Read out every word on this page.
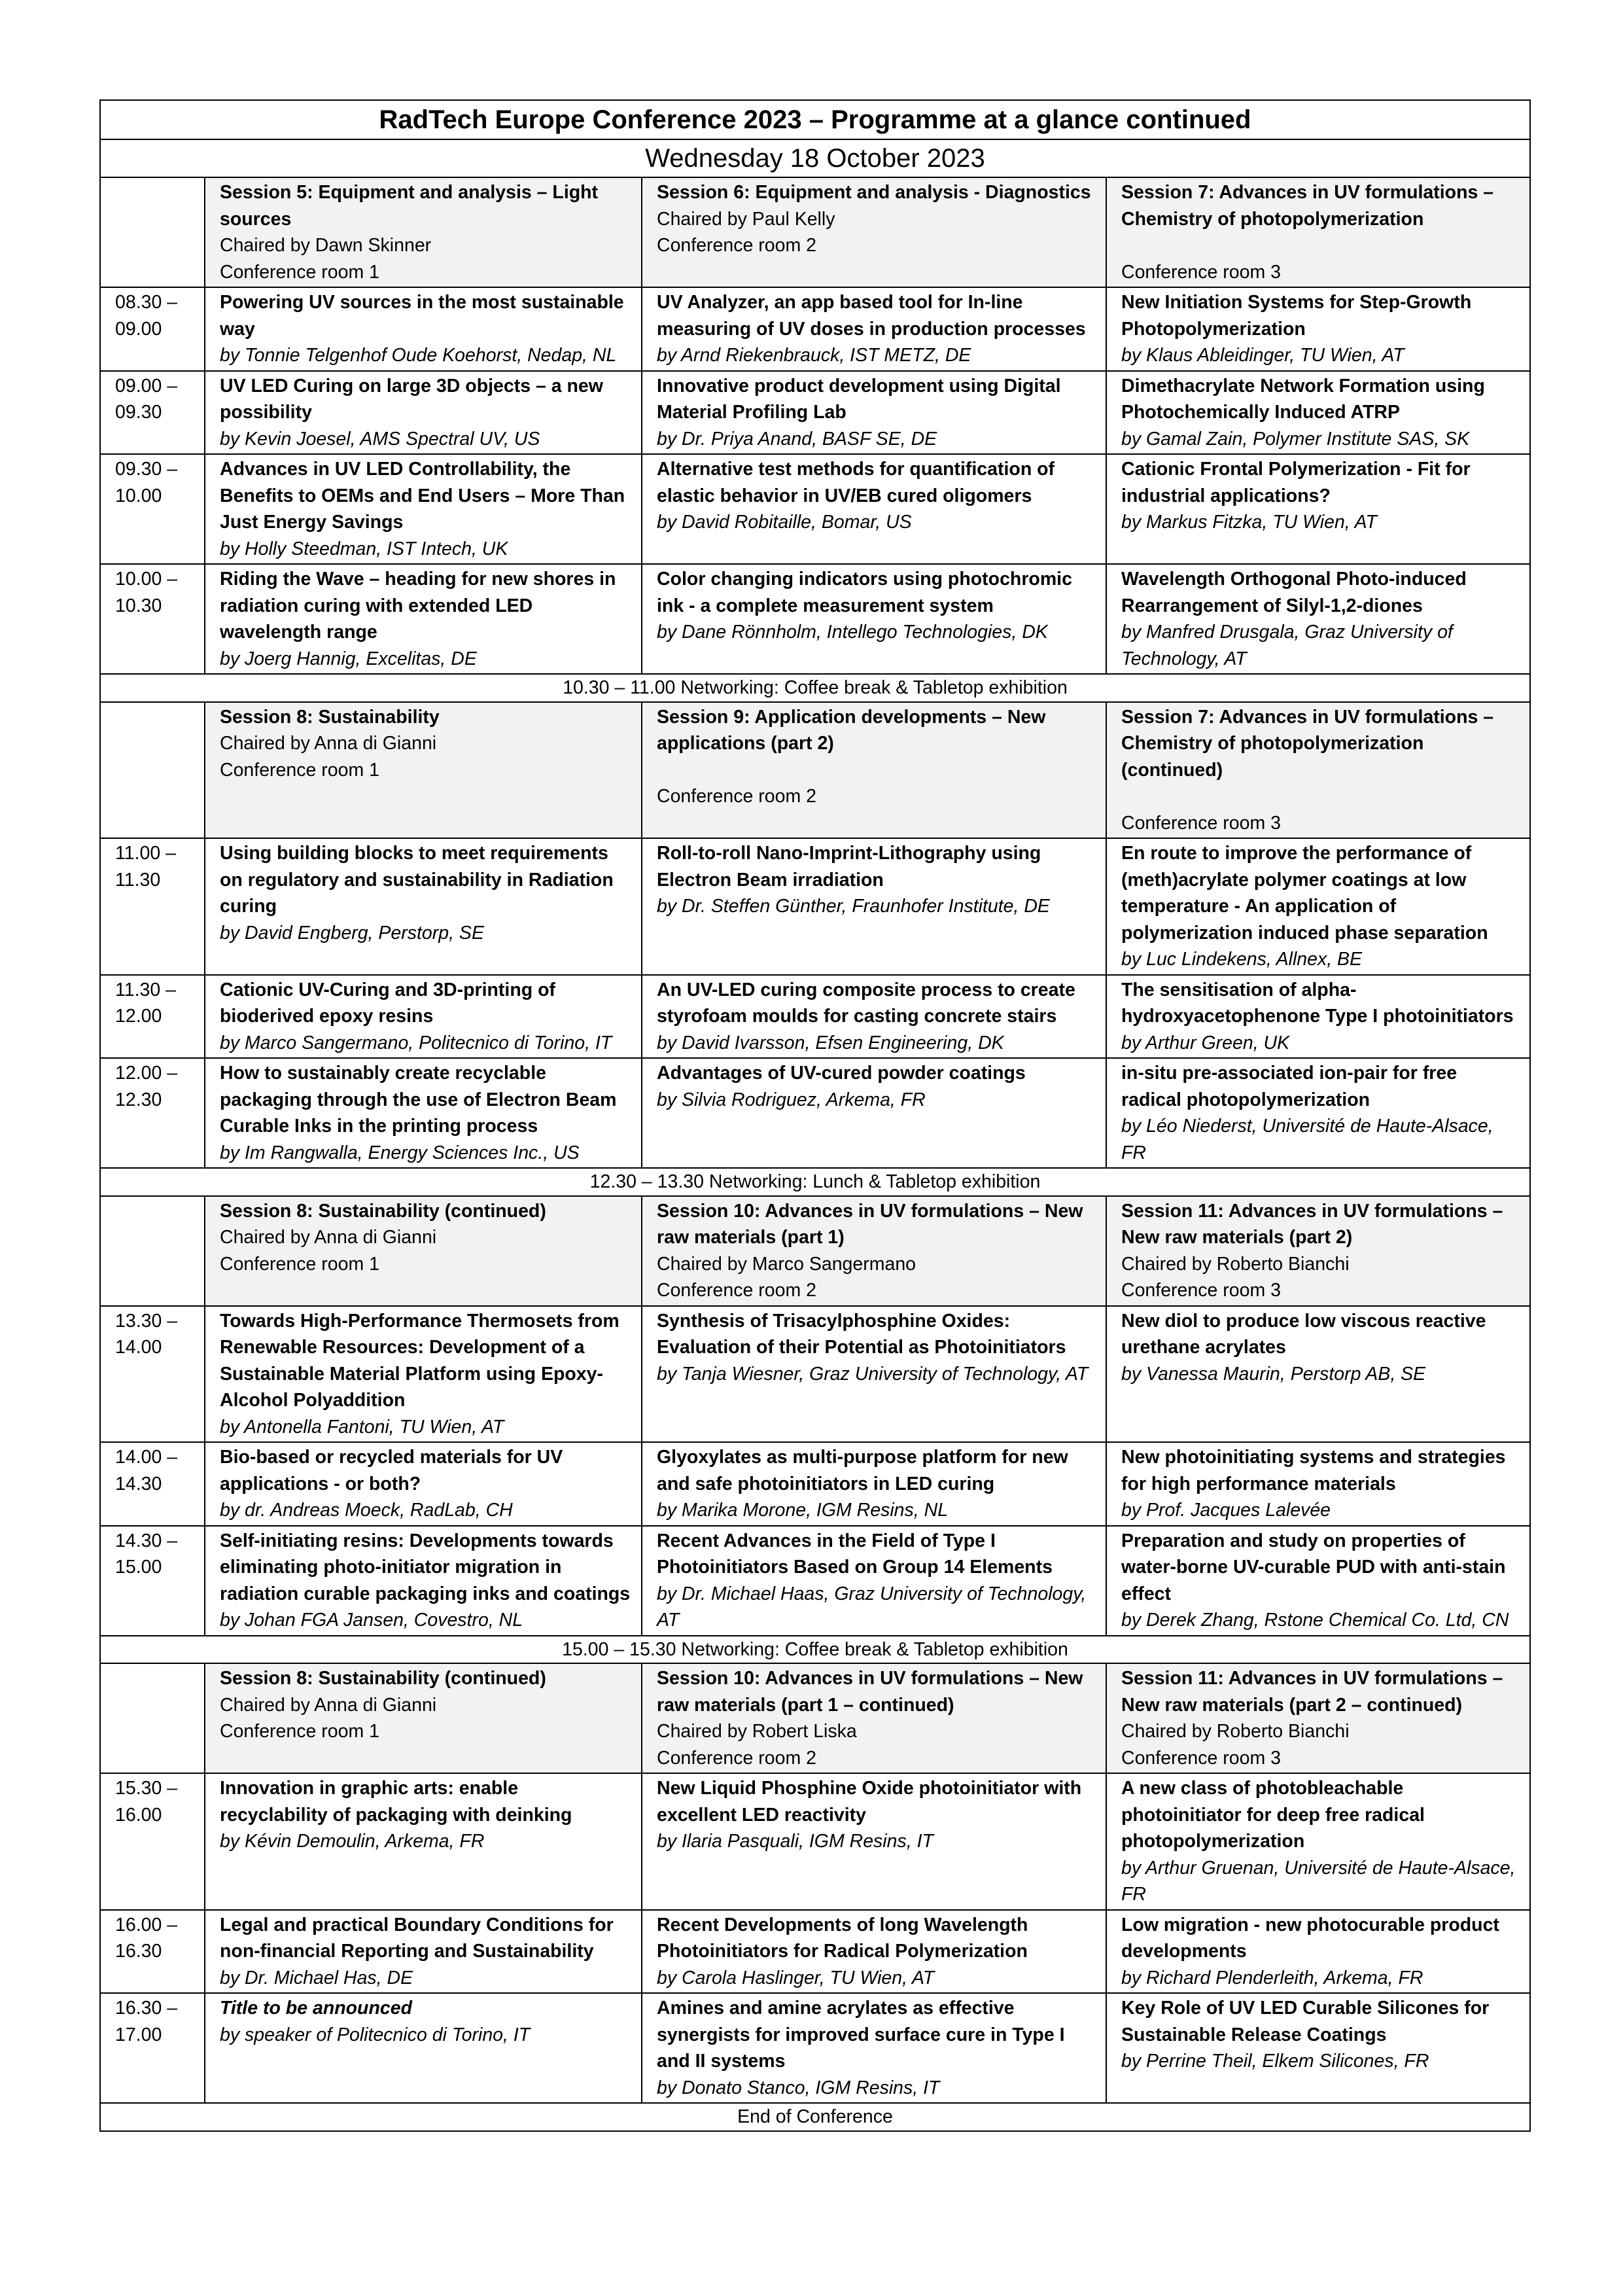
RadTech Europe Conference 2023 – Programme at a glance continued			
Wednesday 18 October 2023			

	Session 5: Equipment and analysis – Light sources
Chaired by Dawn Skinner
Conference room 1	Session 6: Equipment and analysis - Diagnostics
Chaired by Paul Kelly
Conference room 2	Session 7: Advances in UV formulations – Chemistry of photopolymerization
Conference room 3

08.30 – 09.00	Powering UV sources in the most sustainable way
by Tonnie Telgenhof Oude Koehorst, Nedap, NL	UV Analyzer, an app based tool for In-line measuring of UV doses in production processes
by Arnd Riekenbrauck, IST METZ, DE	New Initiation Systems for Step-Growth Photopolymerization
by Klaus Ableidinger, TU Wien, AT

09.00 – 09.30	UV LED Curing on large 3D objects – a new possibility
by Kevin Joesel, AMS Spectral UV, US	Innovative product development using Digital Material Profiling Lab
by Dr. Priya Anand, BASF SE, DE	Dimethacrylate Network Formation using Photochemically Induced ATRP
by Gamal Zain, Polymer Institute SAS, SK

09.30 – 10.00	Advances in UV LED Controllability, the Benefits to OEMs and End Users – More Than Just Energy Savings
by Holly Steedman, IST Intech, UK	Alternative test methods for quantification of elastic behavior in UV/EB cured oligomers
by David Robitaille, Bomar, US	Cationic Frontal Polymerization - Fit for industrial applications?
by Markus Fitzka, TU Wien, AT

10.00 – 10.30	Riding the Wave – heading for new shores in radiation curing with extended LED wavelength range
by Joerg Hannig, Excelitas, DE	Color changing indicators using photochromic ink - a complete measurement system
by Dane Rönnholm, Intellego Technologies, DK	Wavelength Orthogonal Photo-induced Rearrangement of Silyl-1,2-diones
by Manfred Drusgala, Graz University of Technology, AT

10.30 – 11.00 Networking: Coffee break & Tabletop exhibition			

	Session 8: Sustainability
Chaired by Anna di Gianni
Conference room 1	Session 9: Application developments – New applications (part 2)
Conference room 2	Session 7: Advances in UV formulations – Chemistry of photopolymerization (continued)
Conference room 3

11.00 – 11.30	Using building blocks to meet requirements on regulatory and sustainability in Radiation curing
by David Engberg, Perstorp, SE	Roll-to-roll Nano-Imprint-Lithography using Electron Beam irradiation
by Dr. Steffen Günther, Fraunhofer Institute, DE	En route to improve the performance of (meth)acrylate polymer coatings at low temperature - An application of polymerization induced phase separation
by Luc Lindekens, Allnex, BE

11.30 – 12.00	Cationic UV-Curing and 3D-printing of bioderived epoxy resins
by Marco Sangermano, Politecnico di Torino, IT	An UV-LED curing composite process to create styrofoam moulds for casting concrete stairs
by David Ivarsson, Efsen Engineering, DK	The sensitisation of alpha-hydroxyacetophenone Type I photoinitiators
by Arthur Green, UK

12.00 – 12.30	How to sustainably create recyclable packaging through the use of Electron Beam Curable Inks in the printing process
by Im Rangwalla, Energy Sciences Inc., US	Advantages of UV-cured powder coatings
by Silvia Rodriguez, Arkema, FR	in-situ pre-associated ion-pair for free radical photopolymerization
by Léo Niederst, Université de Haute-Alsace, FR

12.30 – 13.30 Networking: Lunch & Tabletop exhibition			

	Session 8: Sustainability (continued)
Chaired by Anna di Gianni
Conference room 1	Session 10: Advances in UV formulations – New raw materials (part 1)
Chaired by Marco Sangermano
Conference room 2	Session 11: Advances in UV formulations – New raw materials (part 2)
Chaired by Roberto Bianchi
Conference room 3

13.30 – 14.00	Towards High-Performance Thermosets from Renewable Resources: Development of a Sustainable Material Platform using Epoxy-Alcohol Polyaddition
by Antonella Fantoni, TU Wien, AT	Synthesis of Trisacylphosphine Oxides: Evaluation of their Potential as Photoinitiators
by Tanja Wiesner, Graz University of Technology, AT	New diol to produce low viscous reactive urethane acrylates
by Vanessa Maurin, Perstorp AB, SE

14.00 – 14.30	Bio-based or recycled materials for UV applications - or both?
by dr. Andreas Moeck, RadLab, CH	Glyoxylates as multi-purpose platform for new and safe photoinitiators in LED curing
by Marika Morone, IGM Resins, NL	New photoinitiating systems and strategies for high performance materials
by Prof. Jacques Lalevée

14.30 – 15.00	Self-initiating resins: Developments towards eliminating photo-initiator migration in radiation curable packaging inks and coatings
by Johan FGA Jansen, Covestro, NL	Recent Advances in the Field of Type I Photoinitiators Based on Group 14 Elements
by Dr. Michael Haas, Graz University of Technology, AT	Preparation and study on properties of water-borne UV-curable PUD with anti-stain effect
by Derek Zhang, Rstone Chemical Co. Ltd, CN

15.00 – 15.30 Networking: Coffee break & Tabletop exhibition			

	Session 8: Sustainability (continued)
Chaired by Anna di Gianni
Conference room 1	Session 10: Advances in UV formulations – New raw materials (part 1 – continued)
Chaired by Robert Liska
Conference room 2	Session 11: Advances in UV formulations – New raw materials (part 2 – continued)
Chaired by Roberto Bianchi
Conference room 3

15.30 – 16.00	Innovation in graphic arts: enable recyclability of packaging with deinking
by Kévin Demoulin, Arkema, FR	New Liquid Phosphine Oxide photoinitiator with excellent LED reactivity
by Ilaria Pasquali, IGM Resins, IT	A new class of photobleachable photoinitiator for deep free radical photopolymerization
by Arthur Gruenan, Université de Haute-Alsace, FR

16.00 – 16.30	Legal and practical Boundary Conditions for non-financial Reporting and Sustainability
by Dr. Michael Has, DE	Recent Developments of long Wavelength Photoinitiators for Radical Polymerization
by Carola Haslinger, TU Wien, AT	Low migration - new photocurable product developments
by Richard Plenderleith, Arkema, FR

16.30 – 17.00	Title to be announced
by speaker of Politecnico di Torino, IT	Amines and amine acrylates as effective synergists for improved surface cure in Type I and II systems
by Donato Stanco, IGM Resins, IT	Key Role of UV LED Curable Silicones for Sustainable Release Coatings
by Perrine Theil, Elkem Silicones, FR

End of Conference			
